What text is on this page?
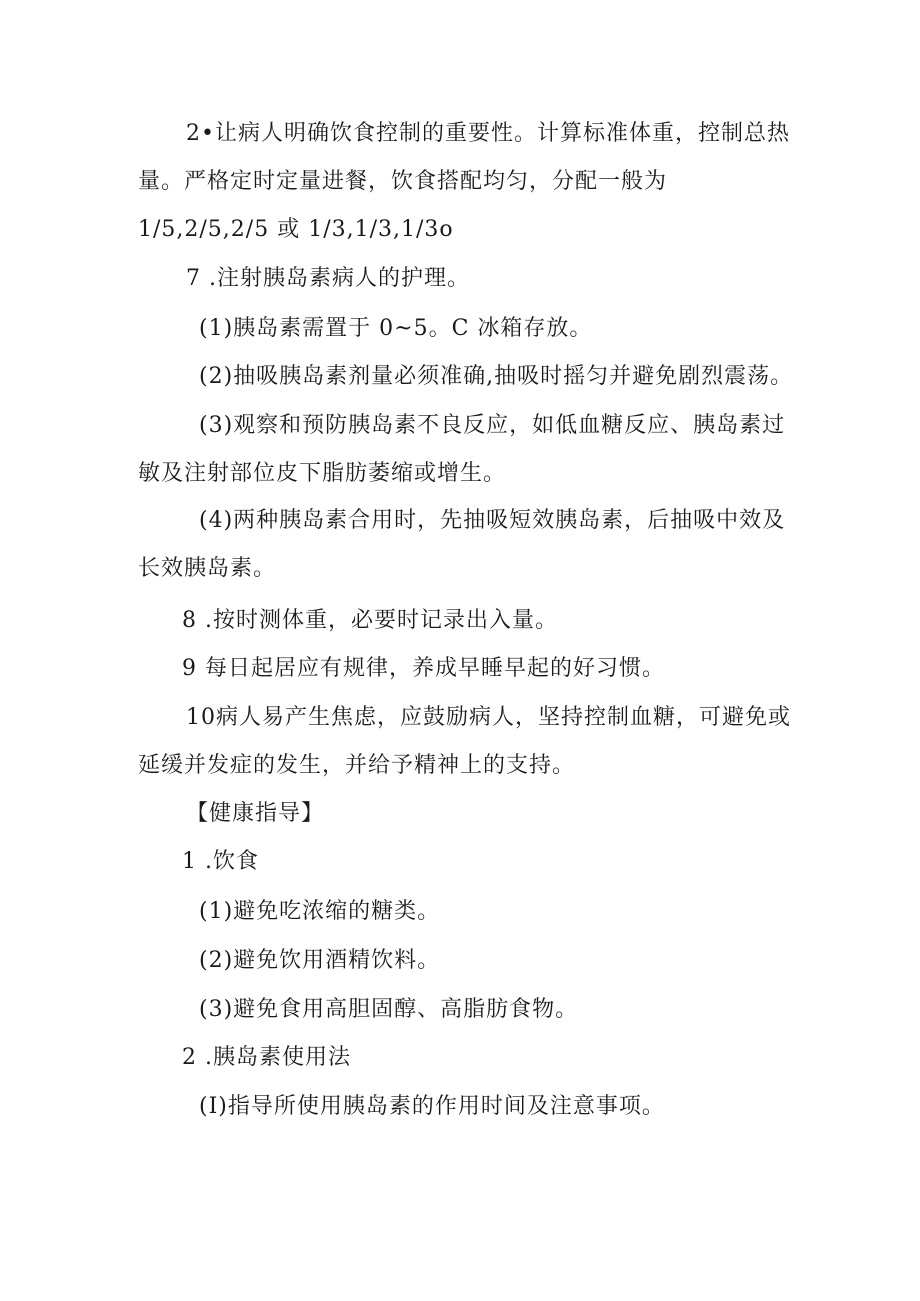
2•让病人明确饮食控制的重要性。计算标准体重，控制总热量。严格定时定量进餐，饮食搭配均匀，分配一般为 1/5,2/5,2/5 或 1/3,1/3,1/3o

7 .注射胰岛素病人的护理。

(1)胰岛素需置于 0~5。C 冰箱存放。

(2)抽吸胰岛素剂量必须准确,抽吸时摇匀并避免剧烈震荡。

(3)观察和预防胰岛素不良反应，如低血糖反应、胰岛素过敏及注射部位皮下脂肪萎缩或增生。

(4)两种胰岛素合用时，先抽吸短效胰岛素，后抽吸中效及长效胰岛素。

8 .按时测体重，必要时记录出入量。

9 每日起居应有规律，养成早睡早起的好习惯。

10病人易产生焦虑，应鼓励病人，坚持控制血糖，可避免或延缓并发症的发生，并给予精神上的支持。

【健康指导】

1 .饮食

(1)避免吃浓缩的糖类。

(2)避免饮用酒精饮料。

(3)避免食用高胆固醇、高脂肪食物。

2 .胰岛素使用法

(I)指导所使用胰岛素的作用时间及注意事项。
